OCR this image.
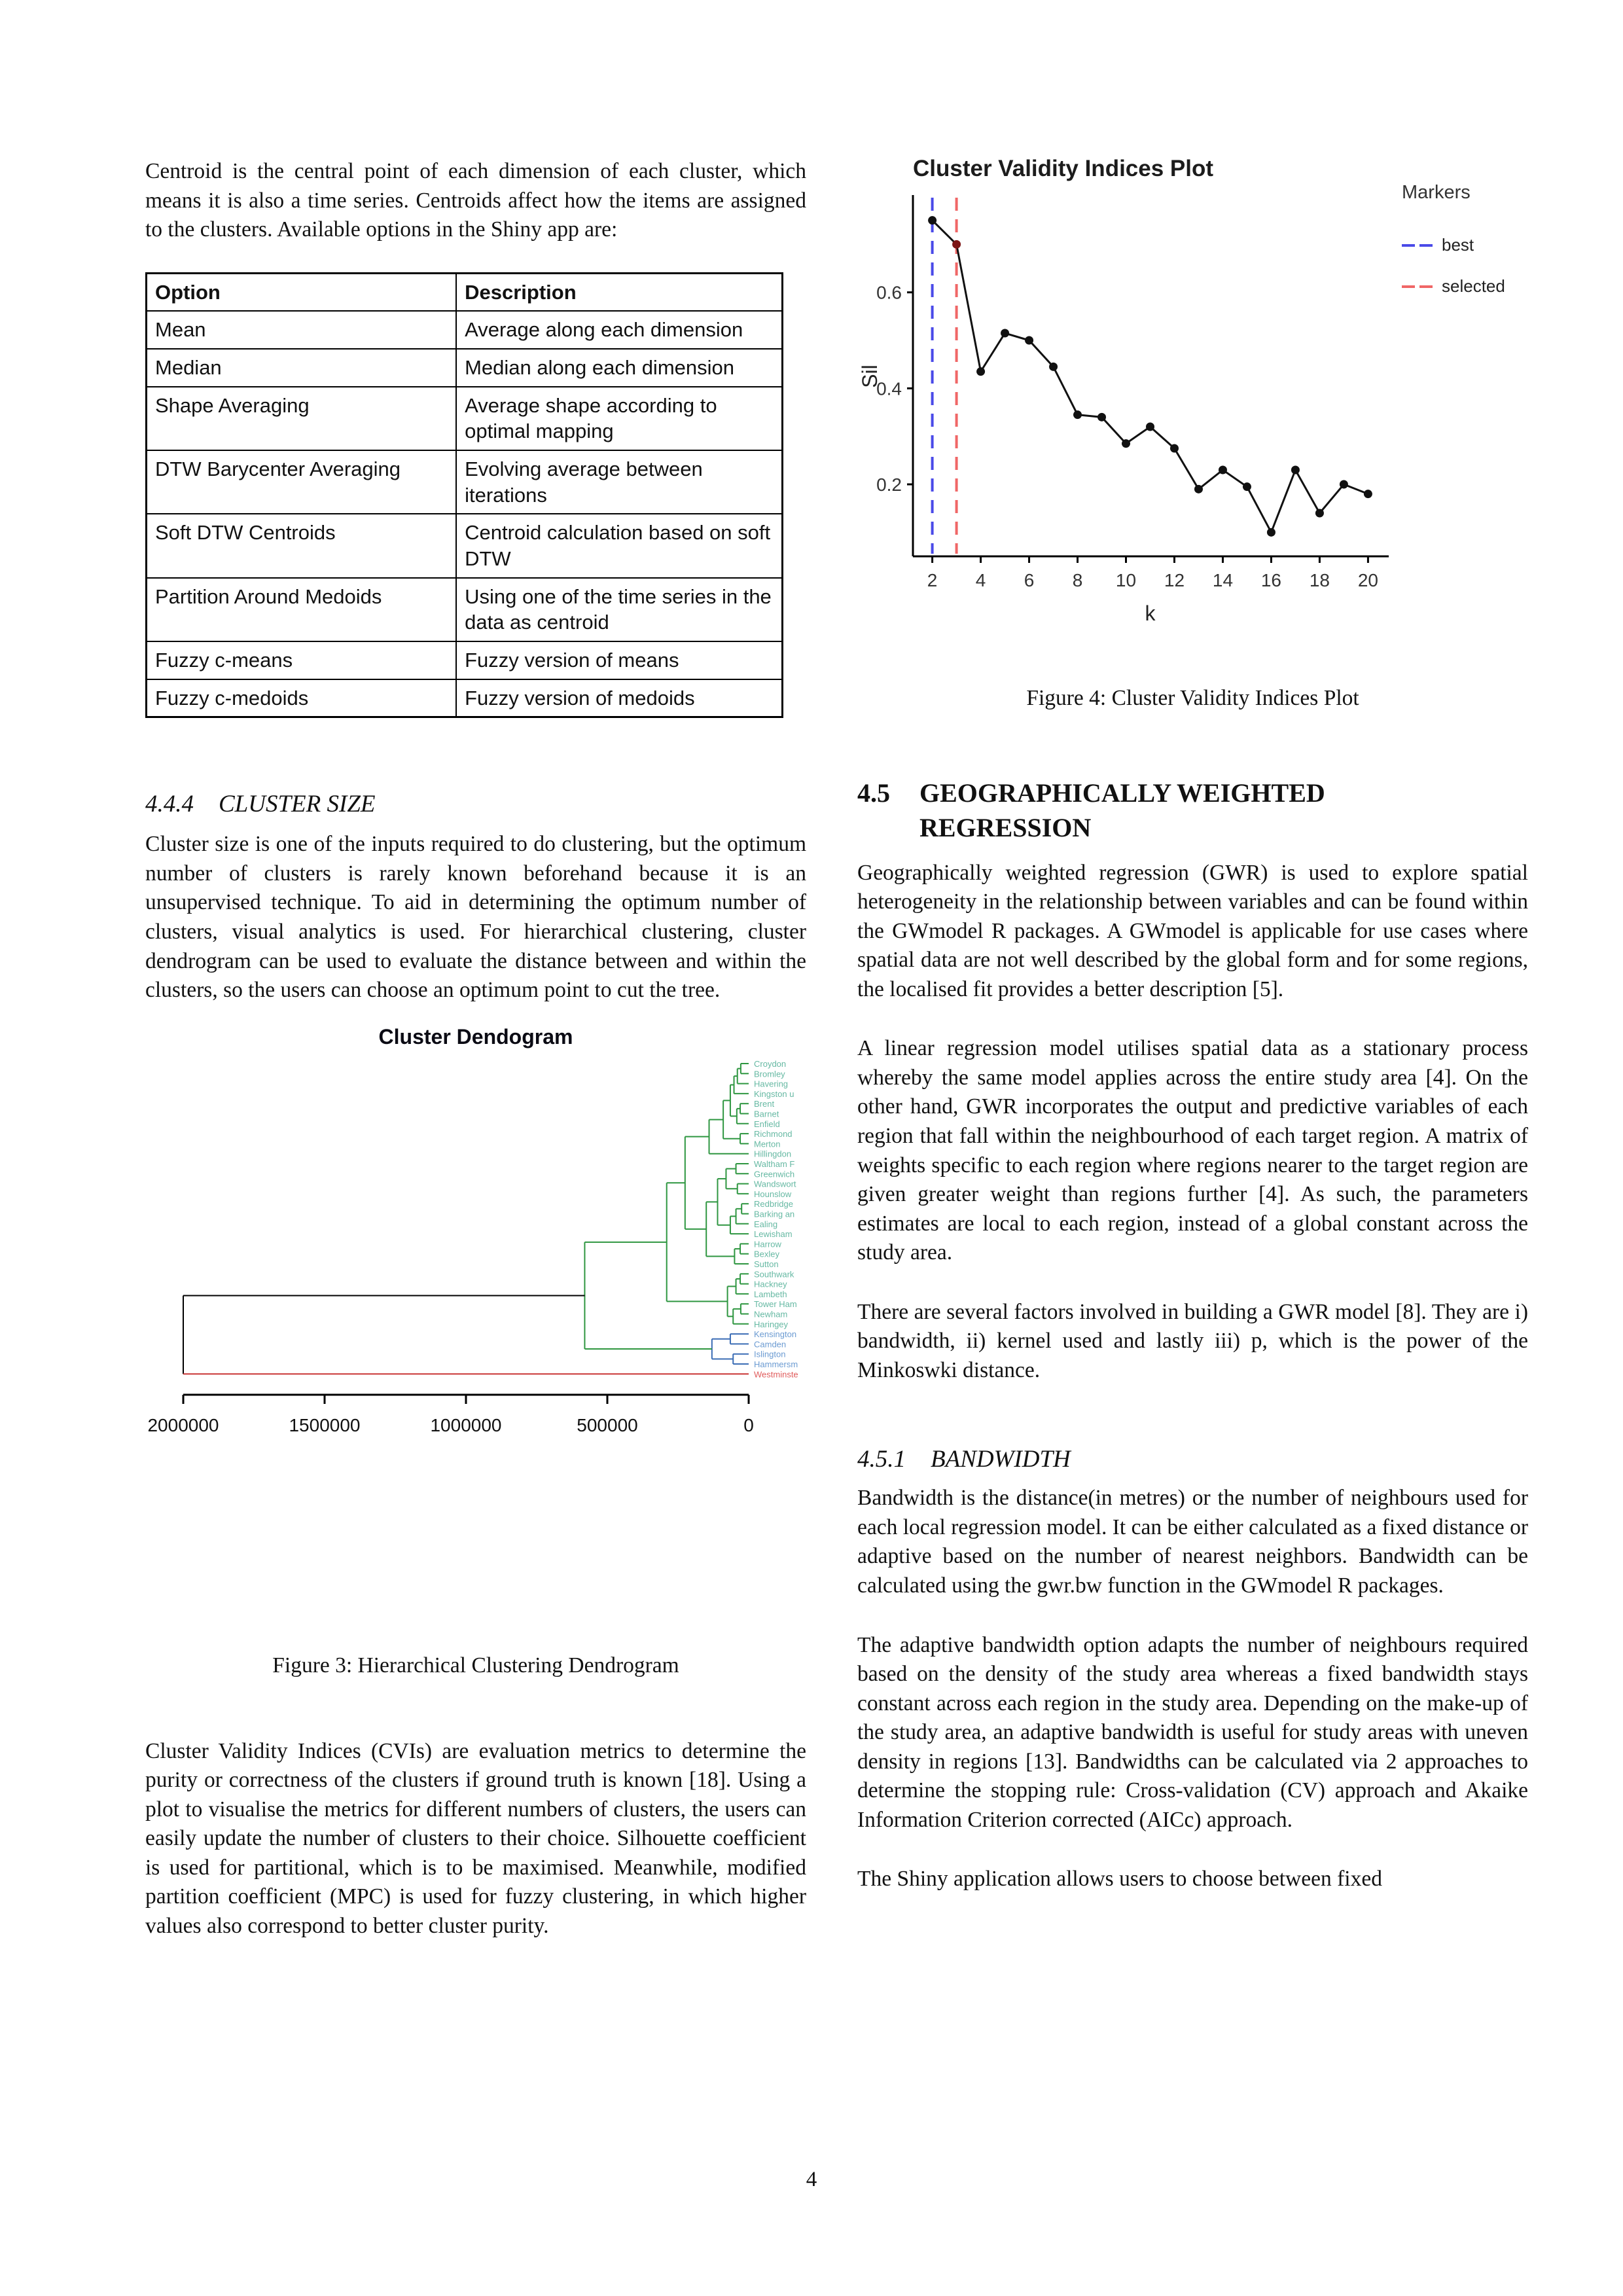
Centroid is the central point of each dimension of each cluster, which means it is also a time series. Centroids affect how the items are assigned to the clusters. Available options in the Shiny app are:
Option	Description
Mean	Average along each dimension
Median	Median along each dimension
Shape Averaging	Average shape according to optimal mapping
DTW Barycenter Averaging	Evolving average between iterations
Soft DTW Centroids	Centroid calculation based on soft DTW
Partition Around Medoids	Using one of the time series in the data as centroid
Fuzzy c-means	Fuzzy version of means
Fuzzy c-medoids	Fuzzy version of medoids
4.4.4	CLUSTER SIZE
Cluster size is one of the inputs required to do clustering, but the optimum number of clusters is rarely known beforehand because it is an unsupervised technique. To aid in determining the optimum number of clusters, visual analytics is used. For hierarchical clustering, cluster dendrogram can be used to evaluate the distance between and within the clusters, so the users can choose an optimum point to cut the tree.
Cluster Dendogram
Croydon
Bromley
Havering
Kingston u
Brent
Barnet
Enfield
Richmond
Merton
Hillingdon
Waltham F
Greenwich
Wandswort
Hounslow
Redbridge
Barking an
Ealing
Lewisham
Harrow
Bexley
Sutton
Southwark
Hackney
Lambeth
Tower Ham
Newham
Haringey
Kensington
Camden
Islington
Hammersm
Westminste
2000000	1500000	1000000	500000	0
Figure 3: Hierarchical Clustering Dendrogram
Cluster Validity Indices (CVIs) are evaluation metrics to determine the purity or correctness of the clusters if ground truth is known [18]. Using a plot to visualise the metrics for different numbers of clusters, the users can easily update the number of clusters to their choice. Silhouette coefficient is used for partitional, which is to be maximised. Meanwhile, modified partition coefficient (MPC) is used for fuzzy clustering, in which higher values also correspond to better cluster purity.
Cluster Validity Indices Plot
0.2
0.4
0.6
2 4 6 8 10 12 14 16 18 20
k
Sil
Markers
best
selected
Figure 4: Cluster Validity Indices Plot
4.5	GEOGRAPHICALLY WEIGHTED REGRESSION
Geographically weighted regression (GWR) is used to explore spatial heterogeneity in the relationship between variables and can be found within the GWmodel R packages. A GWmodel is applicable for use cases where spatial data are not well described by the global form and for some regions, the localised fit provides a better description [5].
A linear regression model utilises spatial data as a stationary process whereby the same model applies across the entire study area [4]. On the other hand, GWR incorporates the output and predictive variables of each region that fall within the neighbourhood of each target region. A matrix of weights specific to each region where regions nearer to the target region are given greater weight than regions further [4]. As such, the parameters estimates are local to each region, instead of a global constant across the study area.
There are several factors involved in building a GWR model [8]. They are i) bandwidth, ii) kernel used and lastly iii) p, which is the power of the Minkoswki distance.
4.5.1	BANDWIDTH
Bandwidth is the distance(in metres) or the number of neighbours used for each local regression model. It can be either calculated as a fixed distance or adaptive based on the number of nearest neighbors. Bandwidth can be calculated using the gwr.bw function in the GWmodel R packages.
The adaptive bandwidth option adapts the number of neighbours required based on the density of the study area whereas a fixed bandwidth stays constant across each region in the study area. Depending on the make-up of the study area, an adaptive bandwidth is useful for study areas with uneven density in regions [13]. Bandwidths can be calculated via 2 approaches to determine the stopping rule: Cross-validation (CV) approach and Akaike Information Criterion corrected (AICc) approach.
The Shiny application allows users to choose between fixed
4
